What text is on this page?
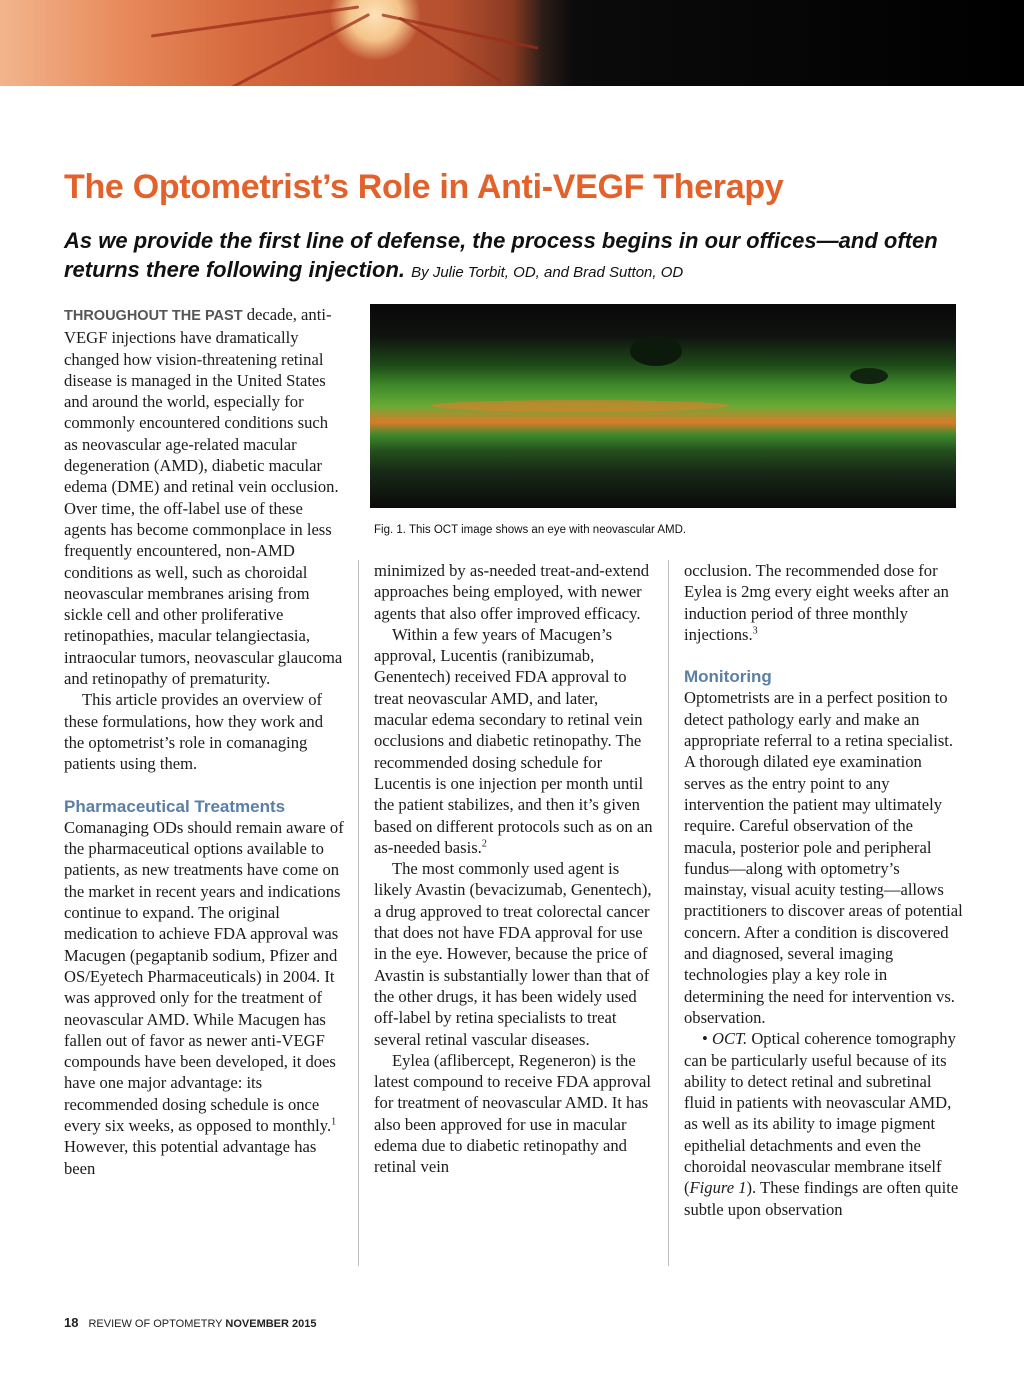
The Optometrist’s Role in Anti-VEGF Therapy

As we provide the first line of defense, the process begins in our offices—and often returns there following injection. By Julie Torbit, OD, and Brad Sutton, OD

THROUGHOUT THE PAST decade, anti-VEGF injections have dramatically changed how vision-threatening retinal disease is managed in the United States and around the world, especially for commonly encountered conditions such as neovascular age-related macular degeneration (AMD), diabetic macular edema (DME) and retinal vein occlusion. Over time, the off-label use of these agents has become commonplace in less frequently encountered, non-AMD conditions as well, such as choroidal neovascular membranes arising from sickle cell and other proliferative retinopathies, macular telangiectasia, intraocular tumors, neovascular glaucoma and retinopathy of prematurity.

This article provides an overview of these formulations, how they work and the optometrist’s role in comanaging patients using them.

Pharmaceutical Treatments

Comanaging ODs should remain aware of the pharmaceutical options available to patients, as new treatments have come on the market in recent years and indications continue to expand. The original medication to achieve FDA approval was Macugen (pegaptanib sodium, Pfizer and OS/Eyetech Pharmaceuticals) in 2004. It was approved only for the treatment of neovascular AMD. While Macugen has fallen out of favor as newer anti-VEGF compounds have been developed, it does have one major advantage: its recommended dosing schedule is once every six weeks, as opposed to monthly.$^1$ However, this potential advantage has been

Fig. 1. This OCT image shows an eye with neovascular AMD.

minimized by as-needed treat-and-extend approaches being employed, with newer agents that also offer improved efficacy.

Within a few years of Macugen’s approval, Lucentis (ranibizumab, Genentech) received FDA approval to treat neovascular AMD, and later, macular edema secondary to retinal vein occlusions and diabetic retinopathy. The recommended dosing schedule for Lucentis is one injection per month until the patient stabilizes, and then it’s given based on different protocols such as on an as-needed basis.$^2$

The most commonly used agent is likely Avastin (bevacizumab, Genentech), a drug approved to treat colorectal cancer that does not have FDA approval for use in the eye. However, because the price of Avastin is substantially lower than that of the other drugs, it has been widely used off-label by retina specialists to treat several retinal vascular diseases.

Eylea (aflibercept, Regeneron) is the latest compound to receive FDA approval for treatment of neovascular AMD. It has also been approved for use in macular edema due to diabetic retinopathy and retinal vein

occlusion. The recommended dose for Eylea is 2mg every eight weeks after an induction period of three monthly injections.$^3$

Monitoring

Optometrists are in a perfect position to detect pathology early and make an appropriate referral to a retina specialist. A thorough dilated eye examination serves as the entry point to any intervention the patient may ultimately require. Careful observation of the macula, posterior pole and peripheral fundus—along with optometry’s mainstay, visual acuity testing—allows practitioners to discover areas of potential concern. After a condition is discovered and diagnosed, several imaging technologies play a key role in determining the need for intervention vs. observation.

• OCT. Optical coherence tomography can be particularly useful because of its ability to detect retinal and subretinal fluid in patients with neovascular AMD, as well as its ability to image pigment epithelial detachments and even the choroidal neovascular membrane itself (Figure 1). These findings are often quite subtle upon observation

18 REVIEW OF OPTOMETRY NOVEMBER 2015
